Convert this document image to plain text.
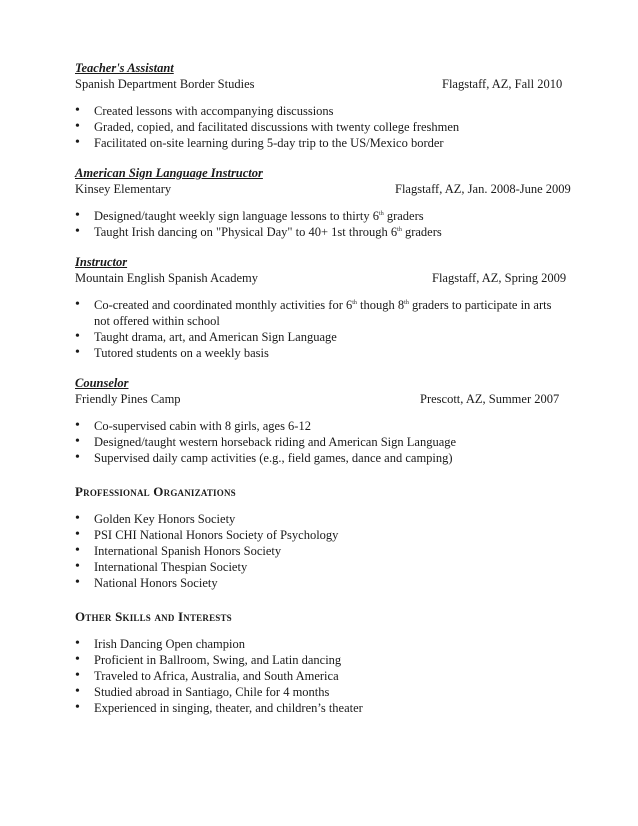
Teacher's Assistant
Spanish Department Border Studies	Flagstaff, AZ, Fall 2010
• Created lessons with accompanying discussions
• Graded, copied, and facilitated discussions with twenty college freshmen
• Facilitated on-site learning during 5-day trip to the US/Mexico border
American Sign Language Instructor
Kinsey Elementary	Flagstaff, AZ, Jan. 2008-June 2009
• Designed/taught weekly sign language lessons to thirty 6th graders
• Taught Irish dancing on "Physical Day" to 40+ 1st through 6th graders
Instructor
Mountain English Spanish Academy	Flagstaff, AZ, Spring 2009
• Co-created and coordinated monthly activities for 6th though 8th graders to participate in arts not offered within school
• Taught drama, art, and American Sign Language
• Tutored students on a weekly basis
Counselor
Friendly Pines Camp	Prescott, AZ, Summer 2007
• Co-supervised cabin with 8 girls, ages 6-12
• Designed/taught western horseback riding and American Sign Language
• Supervised daily camp activities (e.g., field games, dance and camping)
Professional Organizations
• Golden Key Honors Society
• PSI CHI National Honors Society of Psychology
• International Spanish Honors Society
• International Thespian Society
• National Honors Society
Other Skills and Interests
• Irish Dancing Open champion
• Proficient in Ballroom, Swing, and Latin dancing
• Traveled to Africa, Australia, and South America
• Studied abroad in Santiago, Chile for 4 months
• Experienced in singing, theater, and children’s theater
